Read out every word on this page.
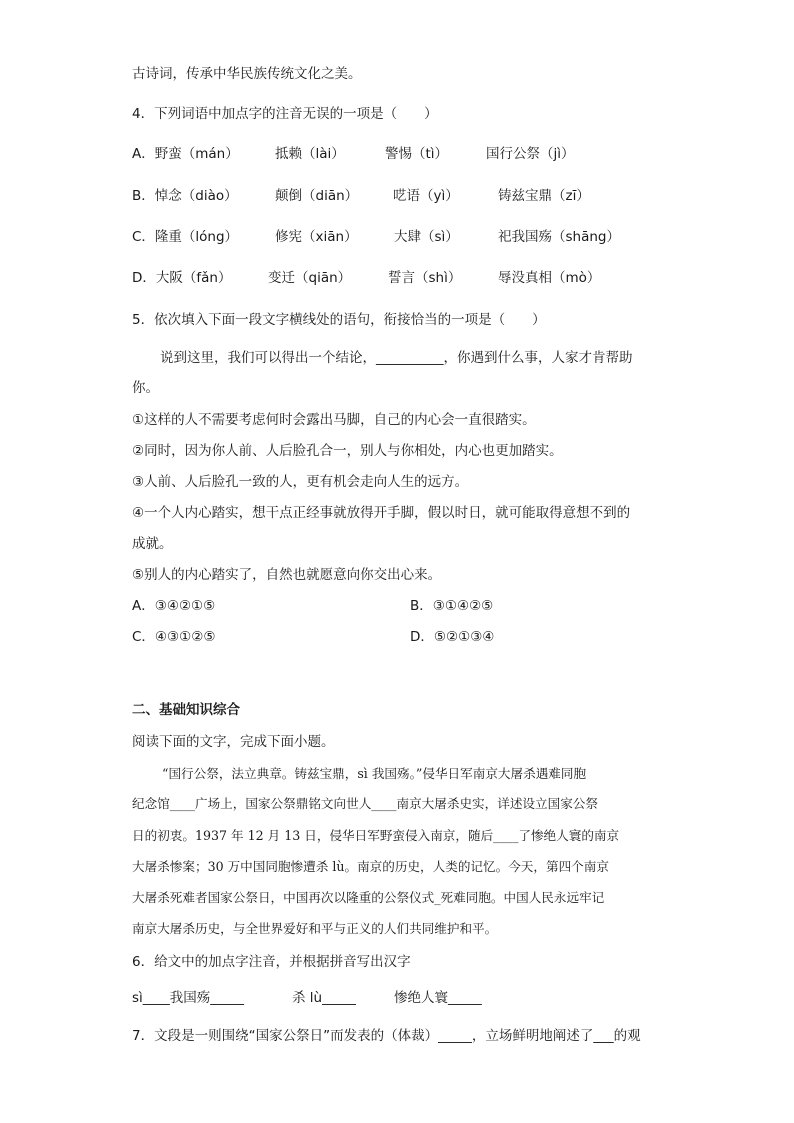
古诗词，传承中华民族传统文化之美。
4．下列词语中加点字的注音无误的一项是（　　）
A．野蛮（mán）	抵赖（lài）	警惕（tì）	国行公祭（jì）
B．悼念（diào）	颠倒（diān）	呓语（yì）	铸兹宝鼎（zī）
C．隆重（lóng）	修宪（xiān）	大肆（sì）	祀我国殇（shāng）
D．大阪（fǎn）	变迁（qiān）	誓言（shì）	辱没真相（mò）
5．依次填入下面一段文字横线处的语句，衔接恰当的一项是（　　）
说到这里，我们可以得出一个结论，__________，你遇到什么事，人家才肯帮助
你。
①这样的人不需要考虑何时会露出马脚，自己的内心会一直很踏实。
②同时，因为你人前、人后脸孔合一，别人与你相处，内心也更加踏实。
③人前、人后脸孔一致的人，更有机会走向人生的远方。
④一个人内心踏实，想干点正经事就放得开手脚，假以时日，就可能取得意想不到的
成就。
⑤别人的内心踏实了，自然也就愿意向你交出心来。
A．③④②①⑤	B．③①④②⑤
C．④③①②⑤	D．⑤②①③④
二、基础知识综合
阅读下面的文字，完成下面小题。
“国行公祭，法立典章。铸兹宝鼎，sì 我国殇。”侵华日军南京大屠杀遇难同胞
纪念馆____广场上，国家公祭鼎铭文向世人____南京大屠杀史实，详述设立国家公祭
日的初衷。1937 年 12 月 13 日，侵华日军野蛮侵入南京，随后____了惨绝人寰的南京
大屠杀惨案；30 万中国同胞惨遭杀 lù。南京的历史，人类的记忆。今天，第四个南京
大屠杀死难者国家公祭日，中国再次以隆重的公祭仪式_死难同胞。中国人民永远牢记
南京大屠杀历史，与全世界爱好和平与正义的人们共同维护和平。
6．给文中的加点字注音，并根据拼音写出汉字
sì____我国殇_____	杀 lù_____	惨绝人寰_____
7．文段是一则围绕“国家公祭日”而发表的（体裁）_____，立场鲜明地阐述了___的观
